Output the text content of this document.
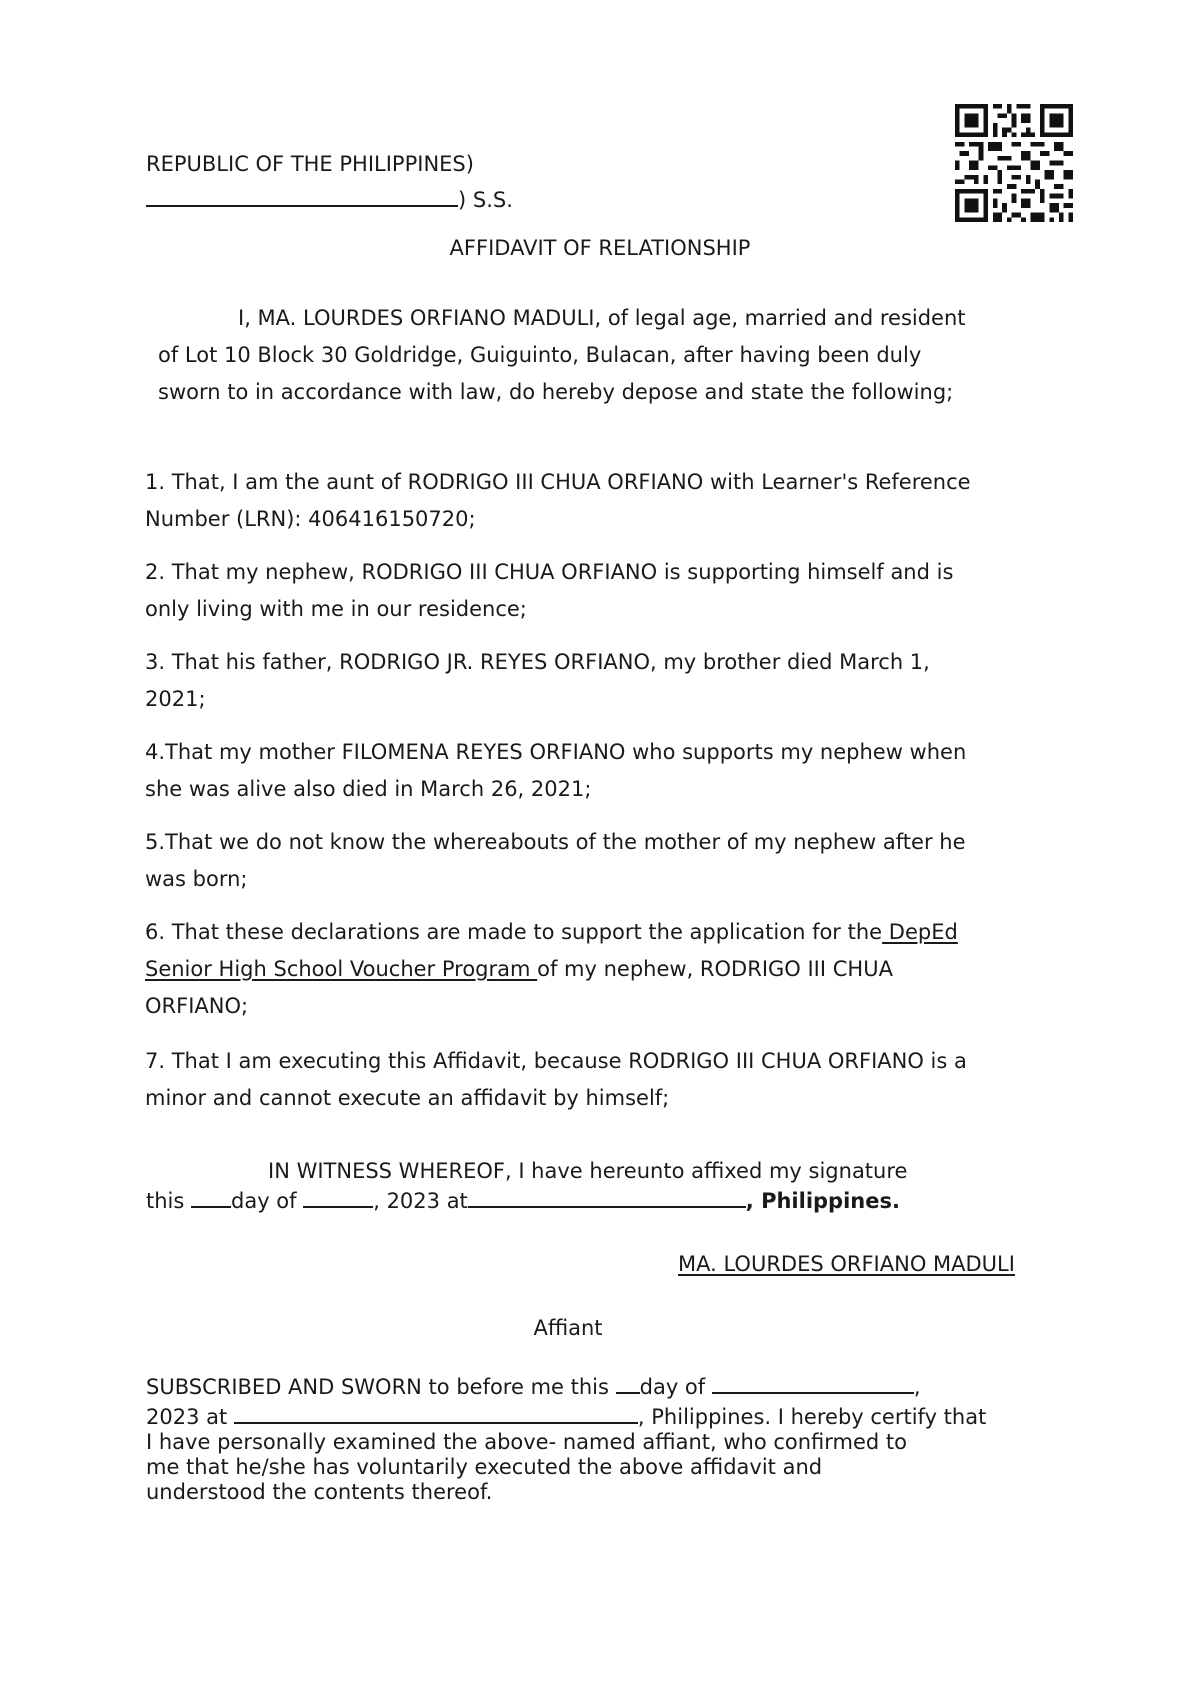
REPUBLIC OF THE PHILIPPINES)

) S.S.

AFFIDAVIT OF RELATIONSHIP

I, MA. LOURDES ORFIANO MADULI, of legal age, married and resident of Lot 10 Block 30 Goldridge, Guiguinto, Bulacan, after having been duly sworn to in accordance with law, do hereby depose and state the following;

1. That, I am the aunt of RODRIGO III CHUA ORFIANO with Learner's Reference Number (LRN): 406416150720;

2. That my nephew, RODRIGO III CHUA ORFIANO is supporting himself and is only living with me in our residence;

3. That his father, RODRIGO JR. REYES ORFIANO, my brother died March 1, 2021;

4.That my mother FILOMENA REYES ORFIANO who supports my nephew when she was alive also died in March 26, 2021;

5.That we do not know the whereabouts of the mother of my nephew after he was born;

6. That these declarations are made to support the application for the DepEd Senior High School Voucher Program of my nephew, RODRIGO III CHUA ORFIANO;

7. That I am executing this Affidavit, because RODRIGO III CHUA ORFIANO is a minor and cannot execute an affidavit by himself;

IN WITNESS WHEREOF, I have hereunto affixed my signature

this day of	, 2023 at	, Philippines.

MA. LOURDES ORFIANO MADULI

Affiant

SUBSCRIBED AND SWORN to before me this day of	,
2023 at	, Philippines. I hereby certify that
I have personally examined the above- named affiant, who confirmed to
me that he/she has voluntarily executed the above affidavit and
understood the contents thereof.
